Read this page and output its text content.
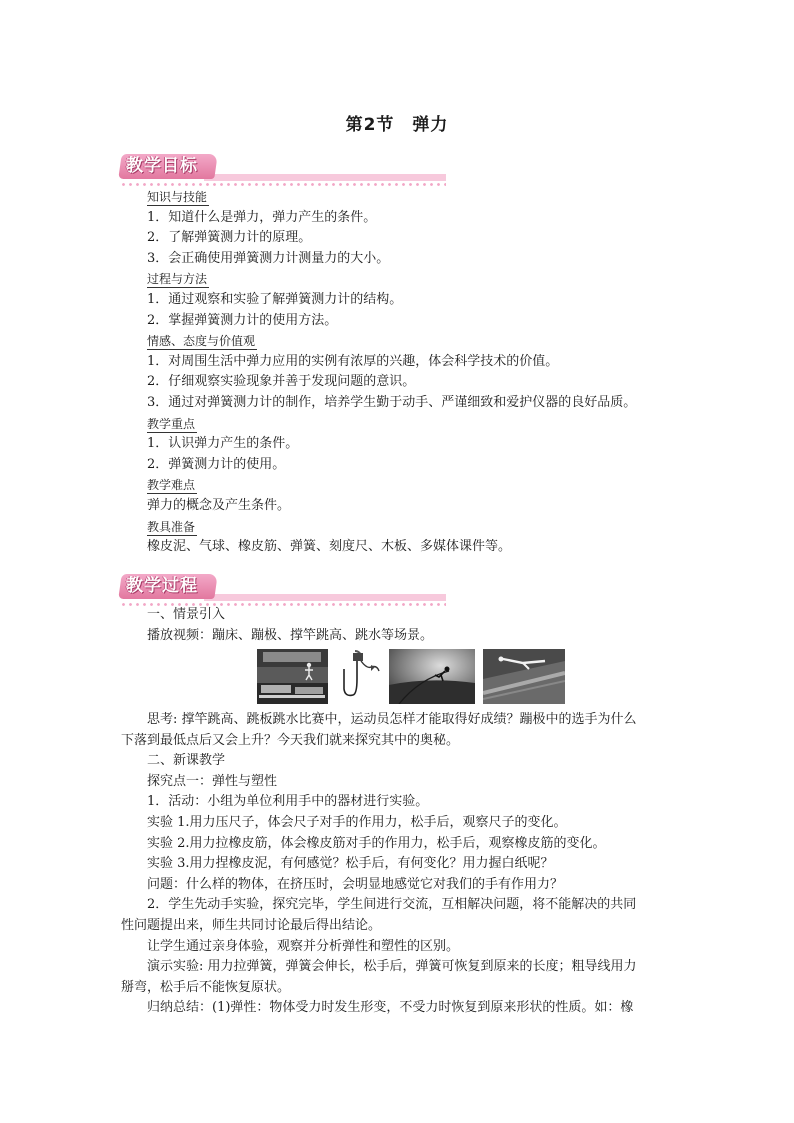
第2节　弹力
教学目标
知识与技能
1．知道什么是弹力，弹力产生的条件。
2．了解弹簧测力计的原理。
3．会正确使用弹簧测力计测量力的大小。
过程与方法
1．通过观察和实验了解弹簧测力计的结构。
2．掌握弹簧测力计的使用方法。
情感、态度与价值观
1．对周围生活中弹力应用的实例有浓厚的兴趣，体会科学技术的价值。
2．仔细观察实验现象并善于发现问题的意识。
3．通过对弹簧测力计的制作，培养学生勤于动手、严谨细致和爱护仪器的良好品质。
教学重点
1．认识弹力产生的条件。
2．弹簧测力计的使用。
教学难点
弹力的概念及产生条件。
教具准备
橡皮泥、气球、橡皮筋、弹簧、刻度尺、木板、多媒体课件等。
教学过程
一、情景引入
播放视频：蹦床、蹦极、撑竿跳高、跳水等场景。
思考: 撑竿跳高、跳板跳水比赛中，运动员怎样才能取得好成绩？蹦极中的选手为什么
下落到最低点后又会上升？今天我们就来探究其中的奥秘。
二、新课教学
探究点一：弹性与塑性
1．活动：小组为单位利用手中的器材进行实验。
实验 1.用力压尺子，体会尺子对手的作用力，松手后，观察尺子的变化。
实验 2.用力拉橡皮筋，体会橡皮筋对手的作用力，松手后，观察橡皮筋的变化。
实验 3.用力捏橡皮泥，有何感觉？松手后，有何变化？用力握白纸呢？
问题：什么样的物体，在挤压时，会明显地感觉它对我们的手有作用力？
2．学生先动手实验，探究完毕，学生间进行交流，互相解决问题，将不能解决的共同
性问题提出来，师生共同讨论最后得出结论。
让学生通过亲身体验，观察并分析弹性和塑性的区别。
演示实验: 用力拉弹簧，弹簧会伸长，松手后，弹簧可恢复到原来的长度；粗导线用力
掰弯，松手后不能恢复原状。
归纳总结：(1)弹性：物体受力时发生形变，不受力时恢复到原来形状的性质。如：橡
